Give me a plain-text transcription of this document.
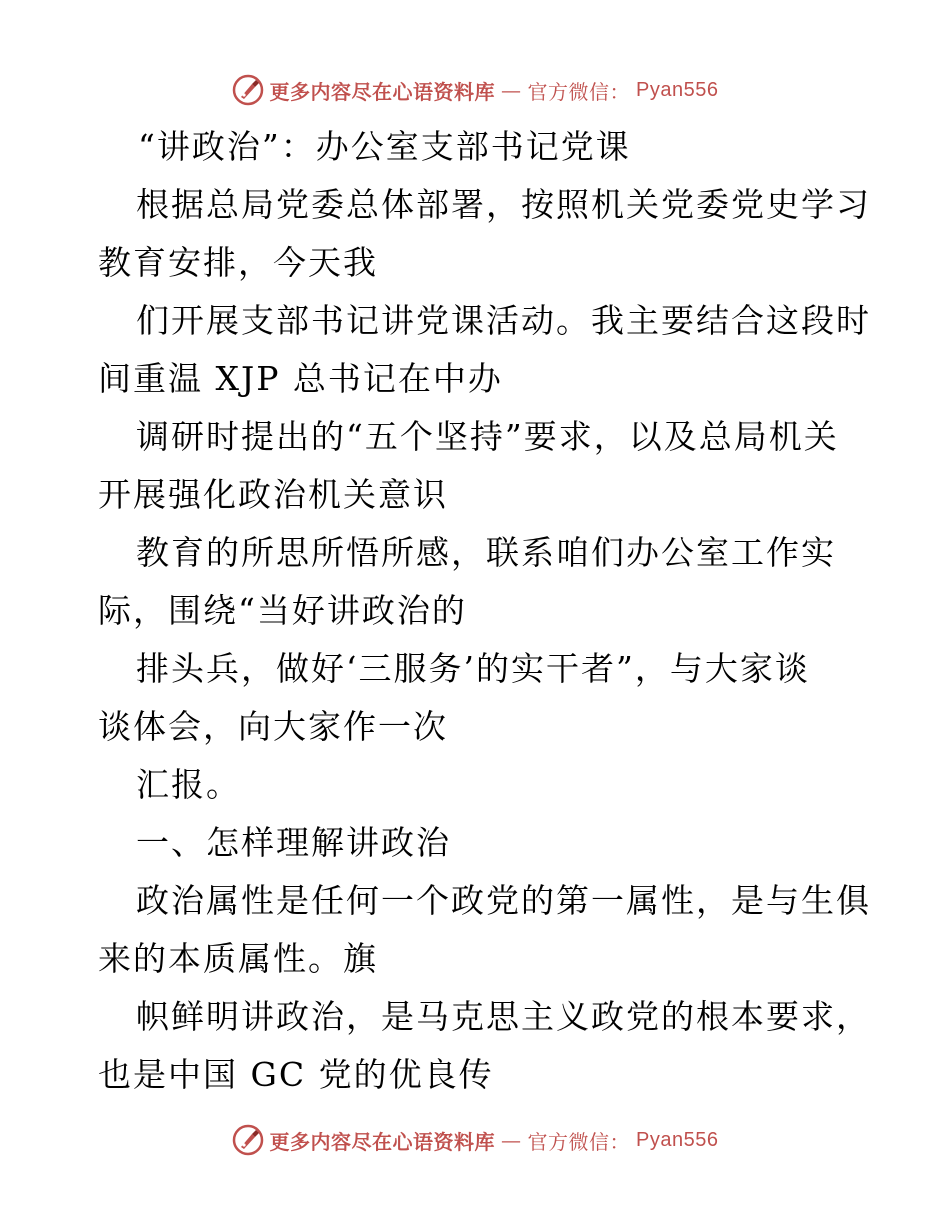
更多内容尽在心语资料库 — 官方微信： Pyan556
“讲政治”：办公室支部书记党课
根据总局党委总体部署，按照机关党委党史学习
教育安排，今天我
们开展支部书记讲党课活动。我主要结合这段时
间重温 XJP 总书记在中办
调研时提出的“五个坚持”要求，以及总局机关
开展强化政治机关意识
教育的所思所悟所感，联系咱们办公室工作实
际，围绕“当好讲政治的
排头兵，做好‘三服务’的实干者”，与大家谈
谈体会，向大家作一次
汇报。
一、怎样理解讲政治
政治属性是任何一个政党的第一属性，是与生俱
来的本质属性。旗
帜鲜明讲政治，是马克思主义政党的根本要求，
也是中国 GC 党的优良传
更多内容尽在心语资料库 — 官方微信： Pyan556
